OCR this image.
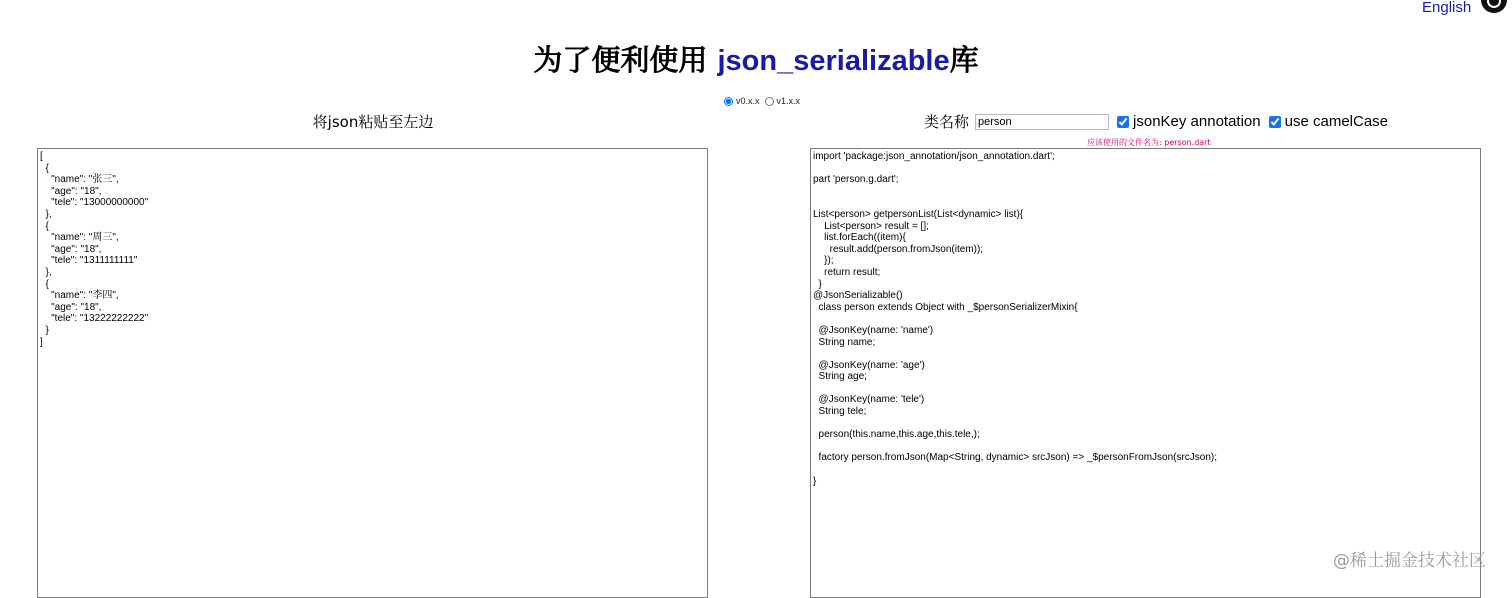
English
为了便利使用 json_serializable库
v0.x.x v1.x.x
将json粘贴至左边	类名称
person	jsonKey annotation use camelCase
应该使用的文件名为: person.dart
[
{
"name": "张三",
"age": "18",
"tele": "13000000000"
},
{
"name": "周三",
"age": "18",
"tele": "1311111111"
},
{
"name": "李四",
"age": "18",
"tele": "13222222222"
}
]
import 'package:json_annotation/json_annotation.dart';

part 'person.g.dart';

List<person> getpersonList(List<dynamic> list){
List<person> result = [];
list.forEach((item){
result.add(person.fromJson(item));
});
return result;
}
@JsonSerializable()
class person extends Object with _$personSerializerMixin{

@JsonKey(name: 'name')
String name;

@JsonKey(name: 'age')
String age;

@JsonKey(name: 'tele')
String tele;

person(this.name,this.age,this.tele,);

factory person.fromJson(Map<String, dynamic> srcJson) => _$personFromJson(srcJson);

}
@稀土掘金技术社区
